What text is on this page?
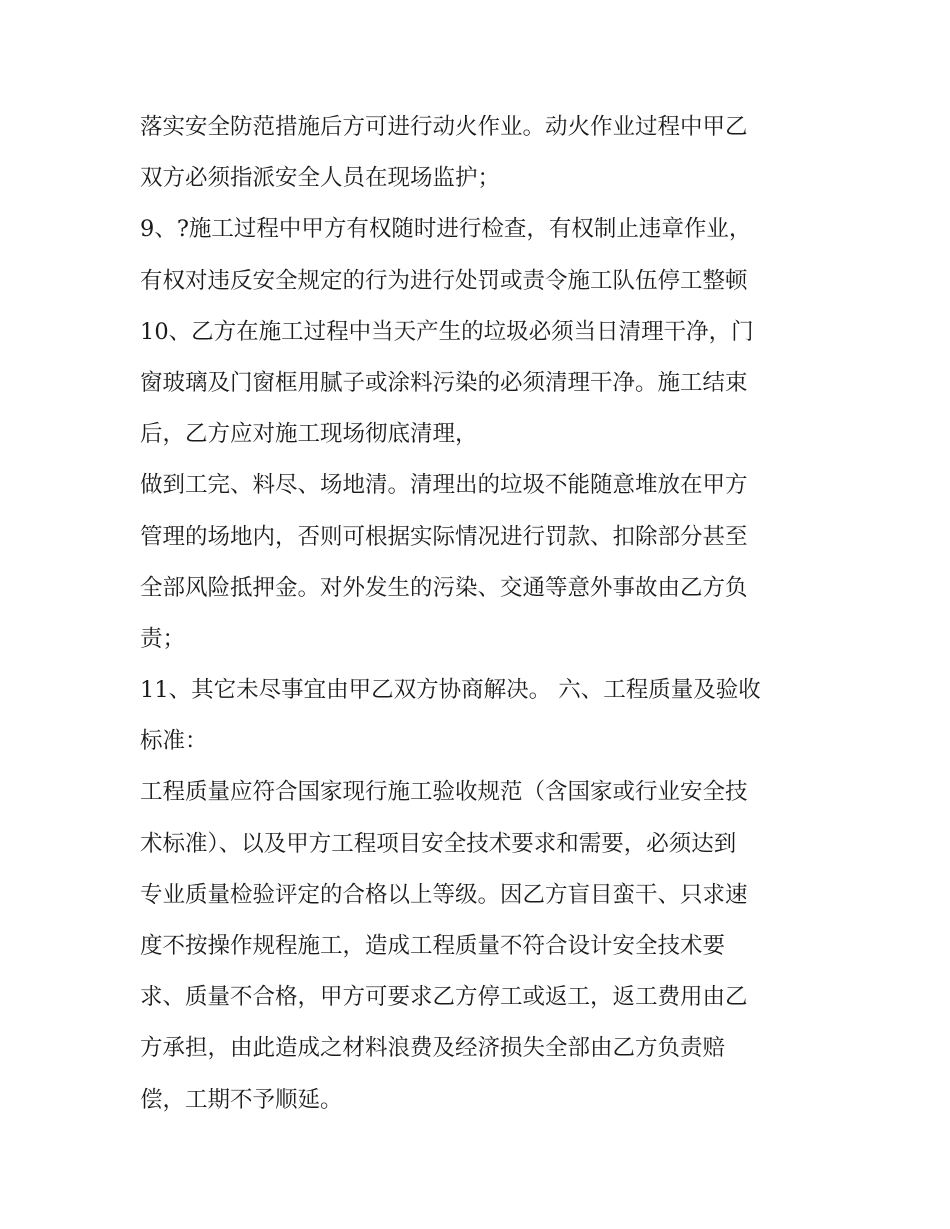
落实安全防范措施后方可进行动火作业。动火作业过程中甲乙

双方必须指派安全人员在现场监护；

9、?施工过程中甲方有权随时进行检查，有权制止违章作业，

有权对违反安全规定的行为进行处罚或责令施工队伍停工整顿

10、乙方在施工过程中当天产生的垃圾必须当日清理干净，门

窗玻璃及门窗框用腻子或涂料污染的必须清理干净。施工结束

后，乙方应对施工现场彻底清理，

做到工完、料尽、场地清。清理出的垃圾不能随意堆放在甲方

管理的场地内，否则可根据实际情况进行罚款、扣除部分甚至

全部风险抵押金。对外发生的污染、交通等意外事故由乙方负

责；

11、其它未尽事宜由甲乙双方协商解决。 六、工程质量及验收

标准：

工程质量应符合国家现行施工验收规范（含国家或行业安全技

术标准）、以及甲方工程项目安全技术要求和需要，必须达到

专业质量检验评定的合格以上等级。因乙方盲目蛮干、只求速

度不按操作规程施工，造成工程质量不符合设计安全技术要

求、质量不合格，甲方可要求乙方停工或返工，返工费用由乙

方承担，由此造成之材料浪费及经济损失全部由乙方负责赔

偿，工期不予顺延。
